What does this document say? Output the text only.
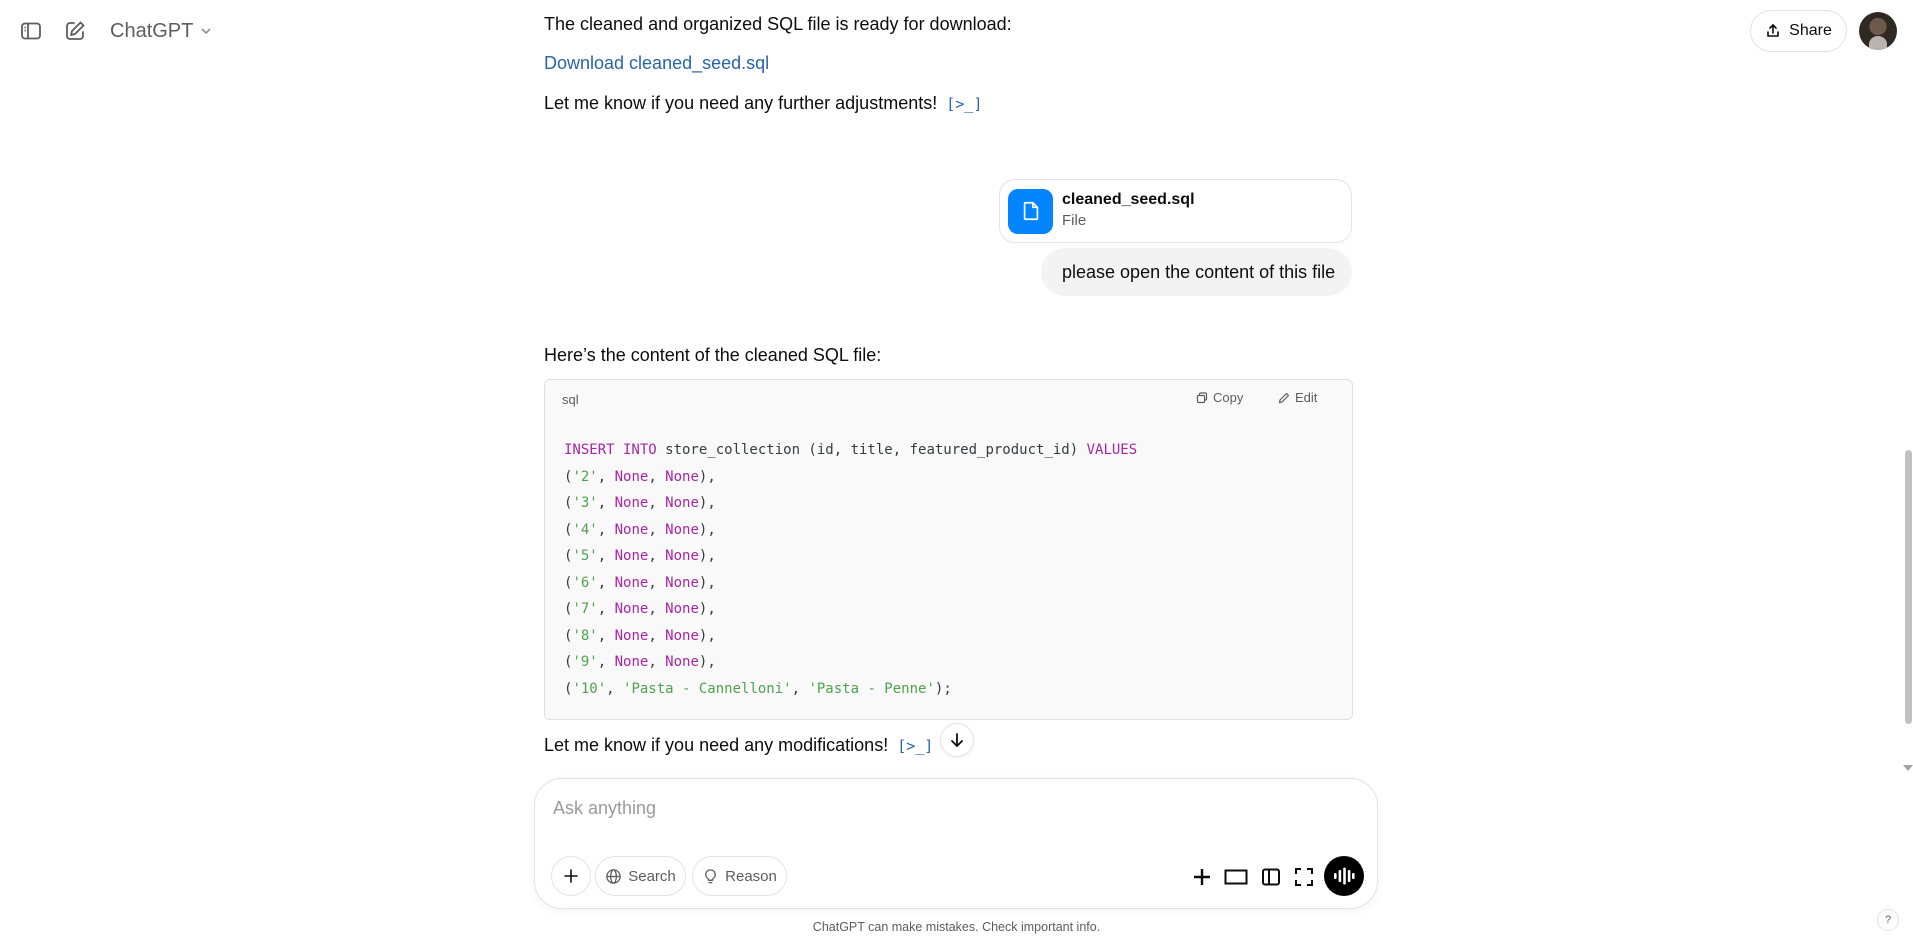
ChatGPT	Share
The cleaned and organized SQL file is ready for download:
Download cleaned_seed.sql
Let me know if you need any further adjustments! [>_]
cleaned_seed.sql
File
please open the content of this file
Here’s the content of the cleaned SQL file:
sql	Copy	Edit
INSERT INTO store_collection (id, title, featured_product_id) VALUES
('2', None, None),
('3', None, None),
('4', None, None),
('5', None, None),
('6', None, None),
('7', None, None),
('8', None, None),
('9', None, None),
('10', 'Pasta - Cannelloni', 'Pasta - Penne');
Let me know if you need any modifications! [>_]
Ask anything
Search	Reason
ChatGPT can make mistakes. Check important info.	?
